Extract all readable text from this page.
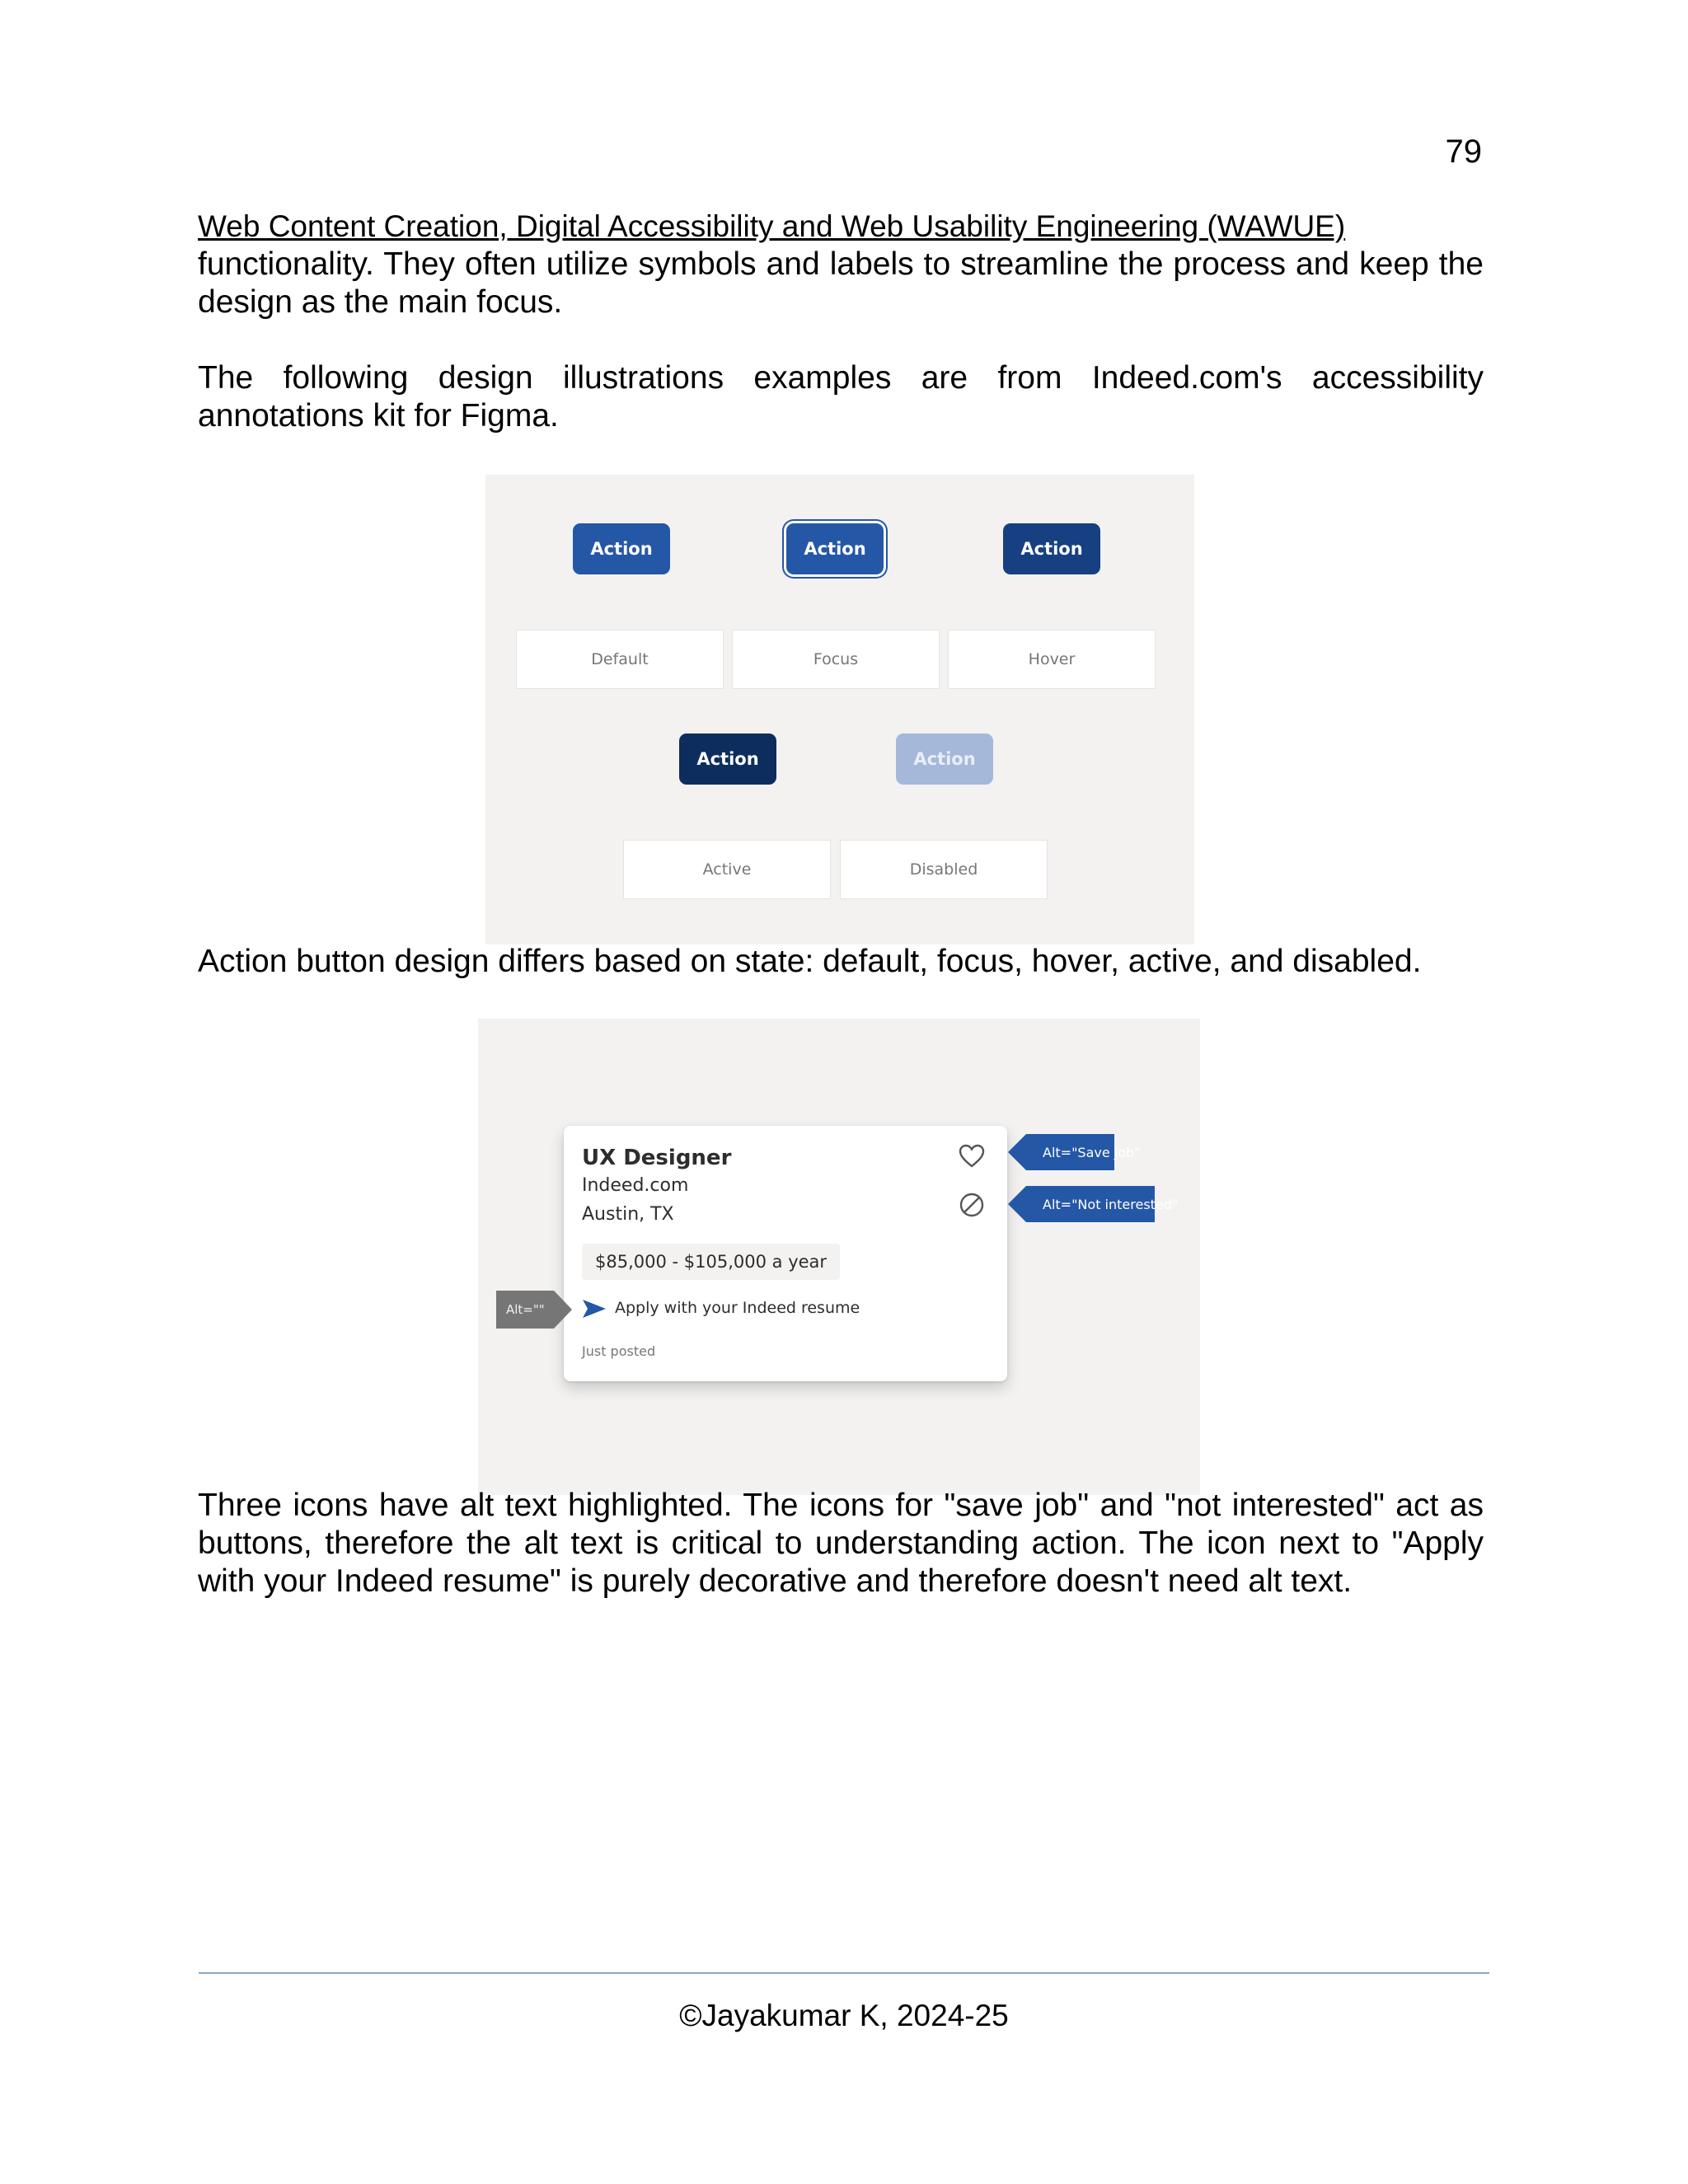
79
Web Content Creation, Digital Accessibility and Web Usability Engineering (WAWUE)

functionality. They often utilize symbols and labels to streamline the process and keep the design as the main focus.

The following design illustrations examples are from Indeed.com's accessibility annotations kit for Figma.

Action	Action	Action
Default	Focus	Hover
Action	Action
Active	Disabled

Action button design differs based on state: default, focus, hover, active, and disabled.

UX Designer
Indeed.com
Austin, TX
$85,000 - $105,000 a year
Apply with your Indeed resume
Just posted
Alt="Save job"
Alt="Not interested"
Alt=""

Three icons have alt text highlighted. The icons for "save job" and "not interested" act as buttons, therefore the alt text is critical to understanding action. The icon next to "Apply with your Indeed resume" is purely decorative and therefore doesn't need alt text.

©Jayakumar K, 2024-25
